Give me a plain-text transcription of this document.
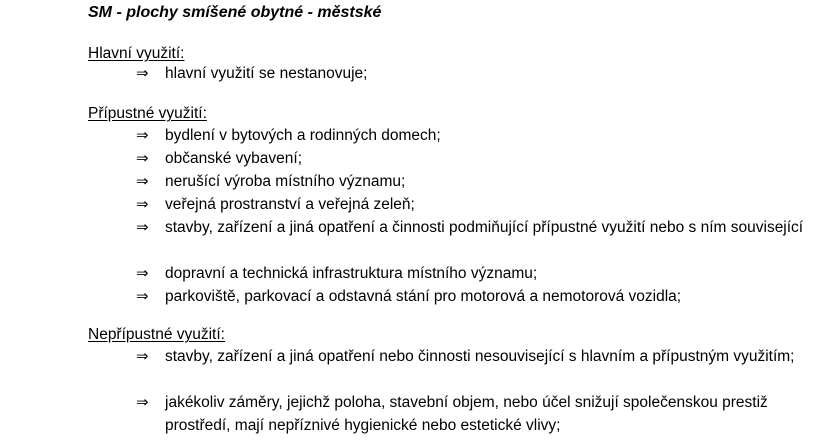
SM - plochy smíšené obytné - městské
Hlavní využití:
⇒	hlavní využití se nestanovuje;
Přípustné využití:
⇒	bydlení v bytových a rodinných domech;
⇒	občanské vybavení;
⇒	nerušící výroba místního významu;
⇒	veřejná prostranství a veřejná zeleň;
⇒	stavby, zařízení a jiná opatření a činnosti podmiňující přípustné využití nebo s ním související
⇒	dopravní a technická infrastruktura místního významu;
⇒	parkoviště, parkovací a odstavná stání pro motorová a nemotorová vozidla;
Nepřípustné využití:
⇒	stavby, zařízení a jiná opatření nebo činnosti nesouvisející s hlavním a přípustným využitím;
⇒	jakékoliv záměry, jejichž poloha, stavební objem, nebo účel snižují společenskou prestiž prostředí, mají nepříznivé hygienické nebo estetické vlivy;
